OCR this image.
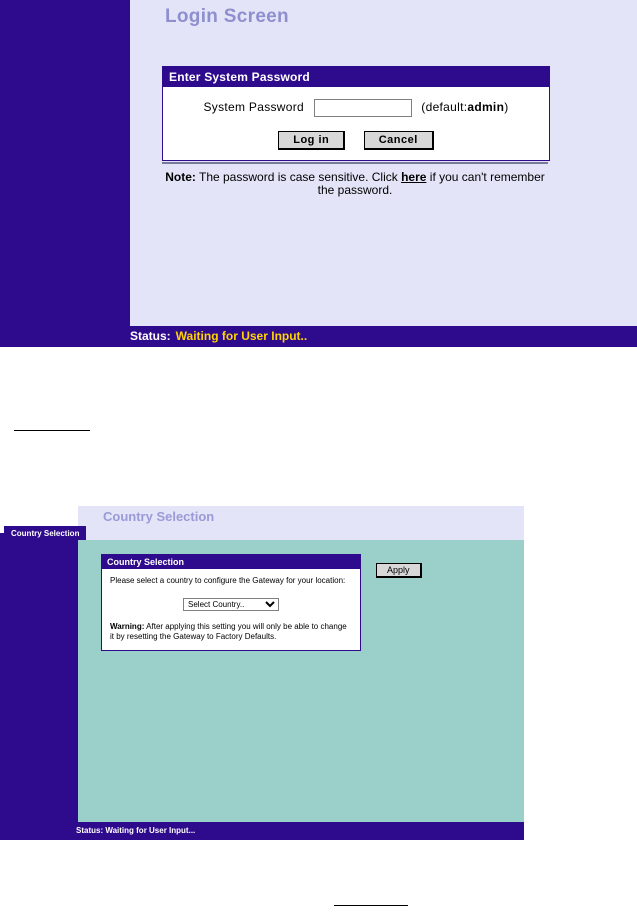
Login Screen
Enter System Password
System Password	(default:admin)
Log in	Cancel
Note: The password is case sensitive. Click here if you can't remember the password.
Status: Waiting for User Input..
Country Selection
Country Selection
Country Selection
Please select a country to configure the Gateway for your location:
Select Country..
Warning: After applying this setting you will only be able to change it by resetting the Gateway to Factory Defaults.
Apply
Status: Waiting for User Input...
